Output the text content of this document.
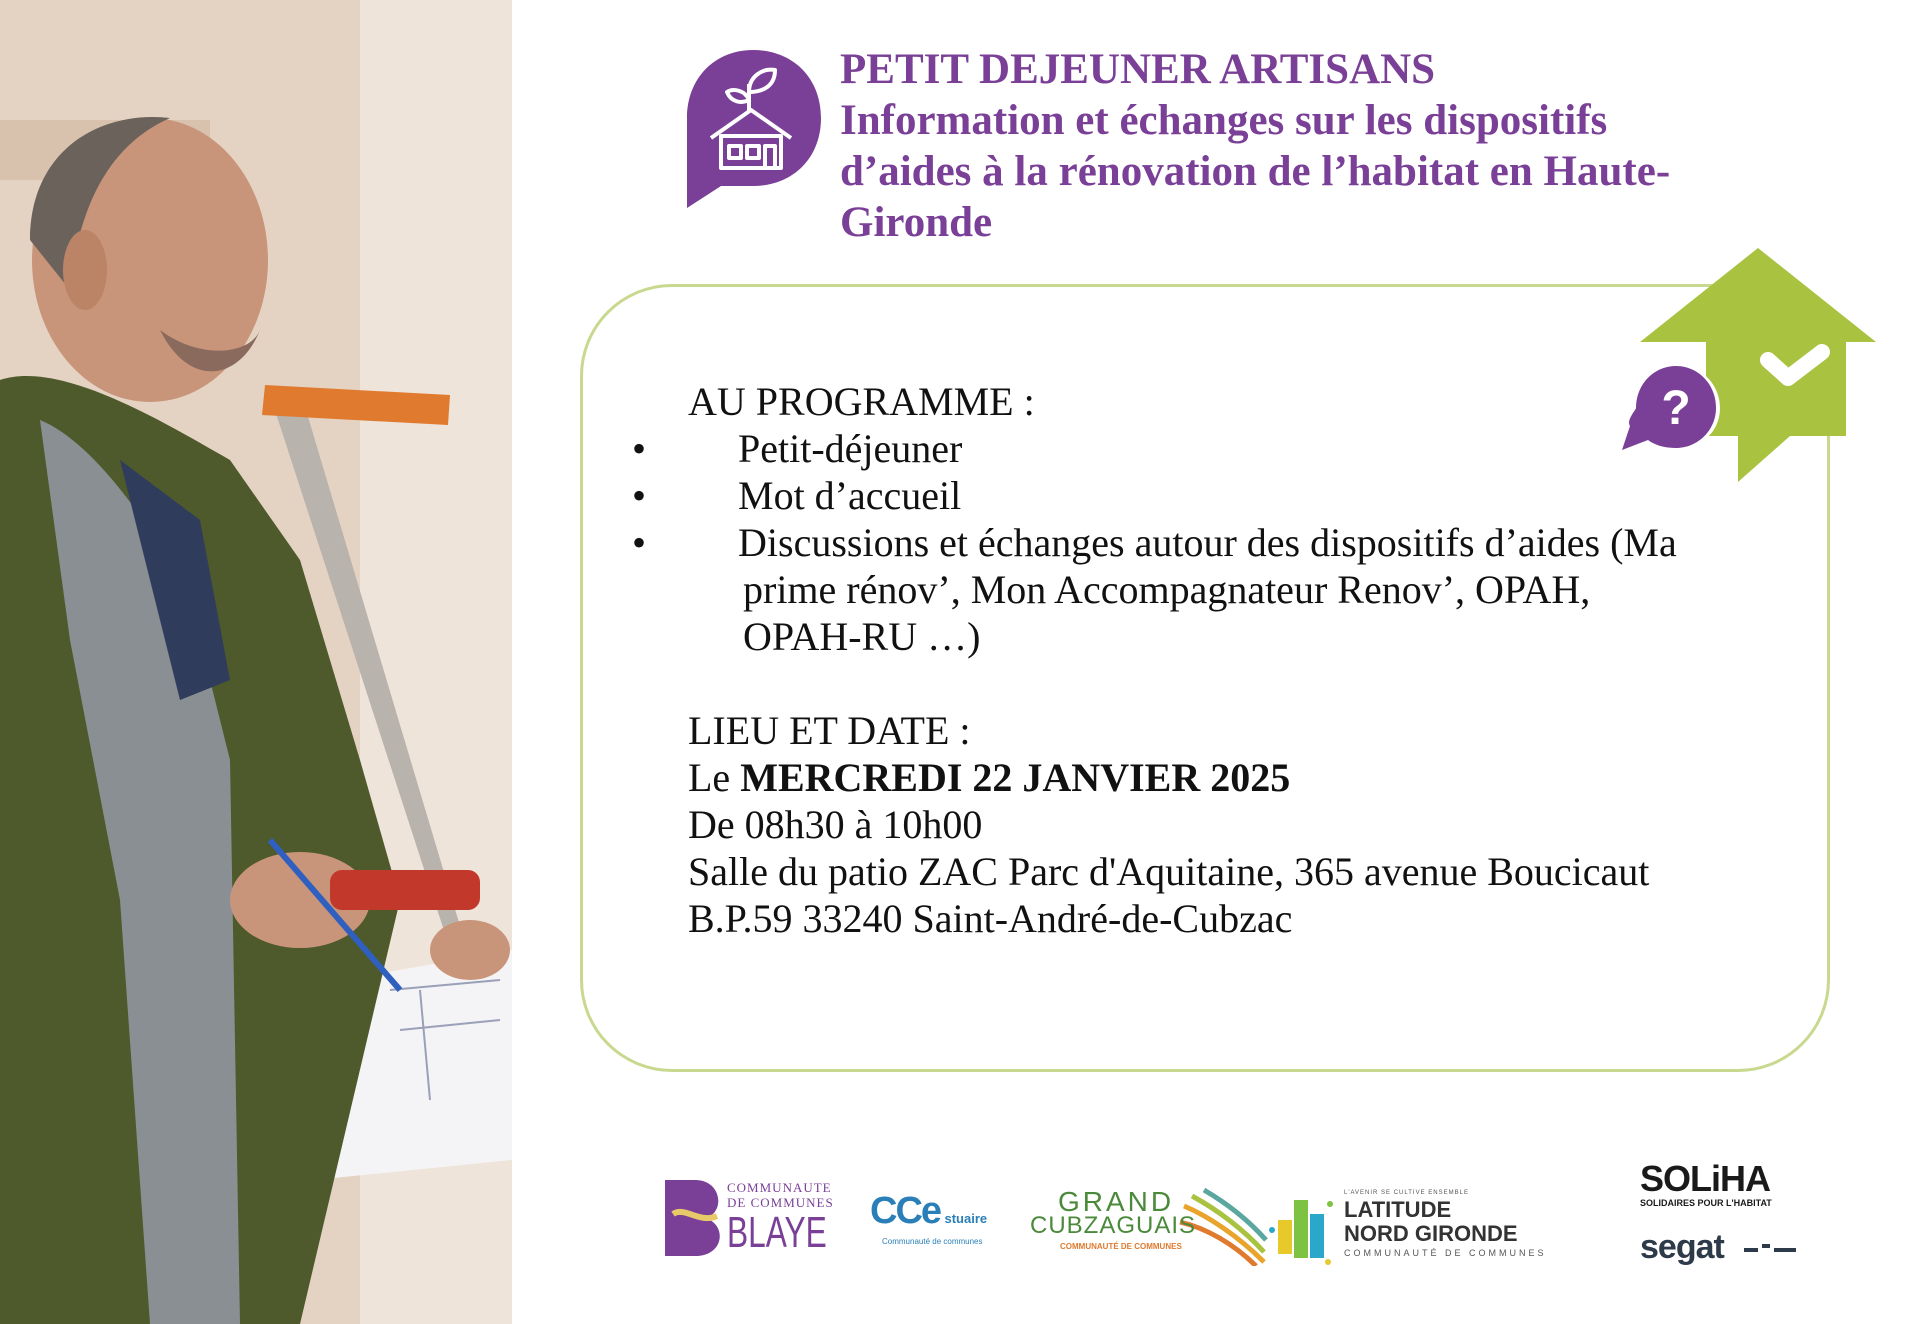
PETIT DEJEUNER ARTISANS
Information et échanges sur les dispositifs
d’aides à la rénovation de l’habitat en Haute-
Gironde
?

AU PROGRAMME :

• Petit-déjeuner
• Mot d’accueil
• Discussions et échanges autour des dispositifs d’aides (Ma
prime rénov’, Mon Accompagnateur Renov’, OPAH,
OPAH-RU …)

LIEU ET DATE :

Le MERCREDI 22 JANVIER 2025

De 08h30 à 10h00

Salle du patio ZAC Parc d'Aquitaine, 365 avenue Boucicaut

B.P.59 33240 Saint-André-de-Cubzac

COMMUNAUTE
DE COMMUNES
BLAYE CCe stuaire
Communauté de communes
GRAND
CUBZAGUAIS
COMMUNAUTÉ DE COMMUNES
L'AVENIR SE CULTIVE ENSEMBLE
LATITUDE
NORD GIRONDE
COMMUNAUTÉ DE COMMUNES
SOLiHA
SOLIDAIRES POUR L'HABITAT
segat
